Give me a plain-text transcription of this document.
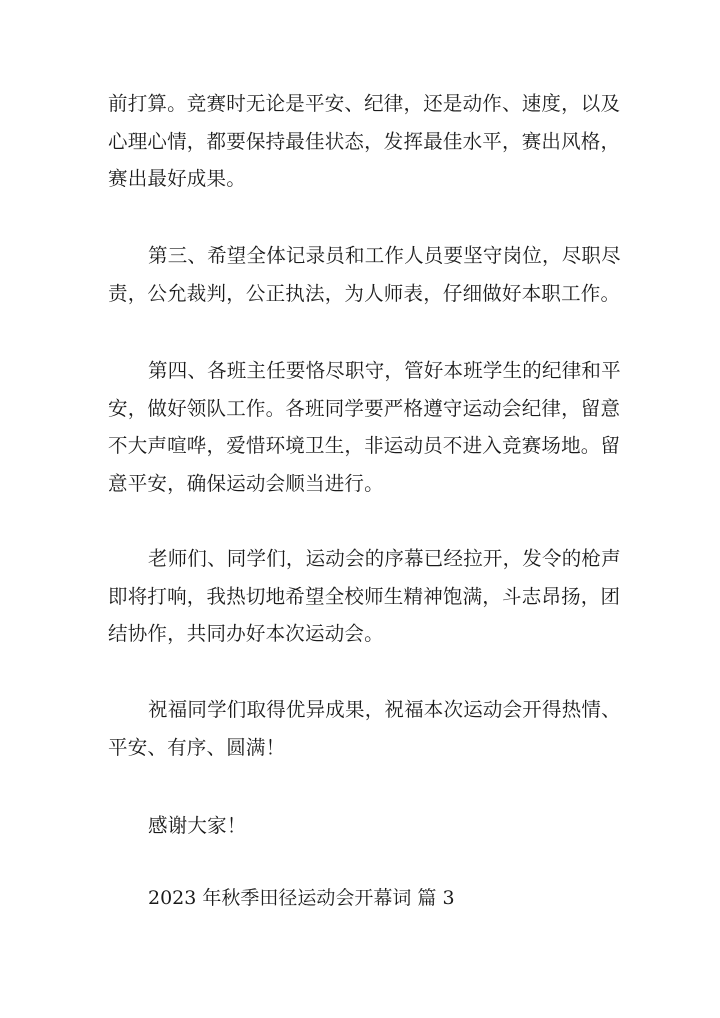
前打算。竞赛时无论是平安、纪律，还是动作、速度，以及
心理心情，都要保持最佳状态，发挥最佳水平，赛出风格，
赛出最好成果。

第三、希望全体记录员和工作人员要坚守岗位，尽职尽
责，公允裁判，公正执法，为人师表，仔细做好本职工作。

第四、各班主任要恪尽职守，管好本班学生的纪律和平
安，做好领队工作。各班同学要严格遵守运动会纪律，留意
不大声喧哗，爱惜环境卫生，非运动员不进入竞赛场地。留
意平安，确保运动会顺当进行。

老师们、同学们，运动会的序幕已经拉开，发令的枪声
即将打响，我热切地希望全校师生精神饱满，斗志昂扬，团
结协作，共同办好本次运动会。

祝福同学们取得优异成果，祝福本次运动会开得热情、
平安、有序、圆满！

感谢大家！

2023 年秋季田径运动会开幕词 篇 3
